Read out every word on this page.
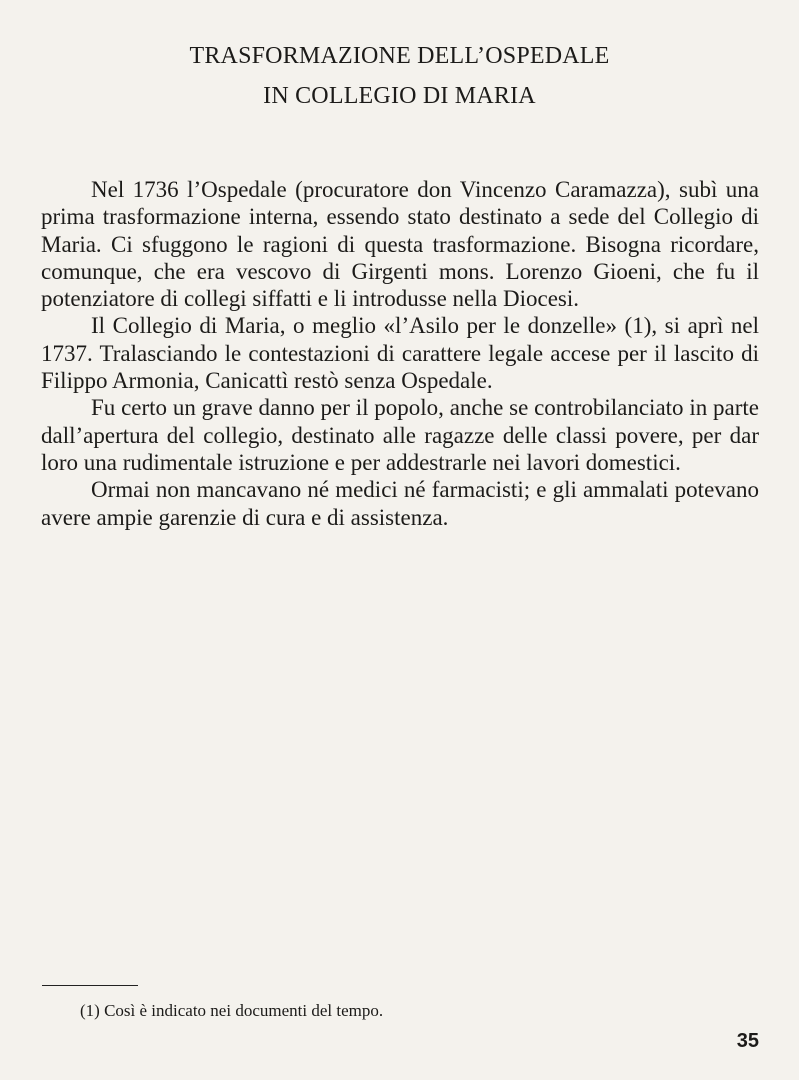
TRASFORMAZIONE DELL’OSPEDALE
IN COLLEGIO DI MARIA

Nel 1736 l’Ospedale (procuratore don Vincenzo Caramazza), subì una prima trasformazione interna, essendo stato destinato a sede del Collegio di Maria. Ci sfuggono le ragioni di questa trasformazione. Bisogna ricordare, comunque, che era vescovo di Girgenti mons. Lorenzo Gioeni, che fu il potenziatore di collegi siffatti e li introdusse nella Diocesi.

Il Collegio di Maria, o meglio «l’Asilo per le donzelle» (1), si aprì nel 1737. Tralasciando le contestazioni di carattere legale accese per il lascito di Filippo Armonia, Canicattì restò senza Ospedale.

Fu certo un grave danno per il popolo, anche se controbilanciato in parte dall’apertura del collegio, destinato alle ragazze delle classi povere, per dar loro una rudimentale istruzione e per addestrarle nei lavori domestici.

Ormai non mancavano né medici né farmacisti; e gli ammalati potevano avere ampie garenzie di cura e di assistenza.

(1) Così è indicato nei documenti del tempo.
35
